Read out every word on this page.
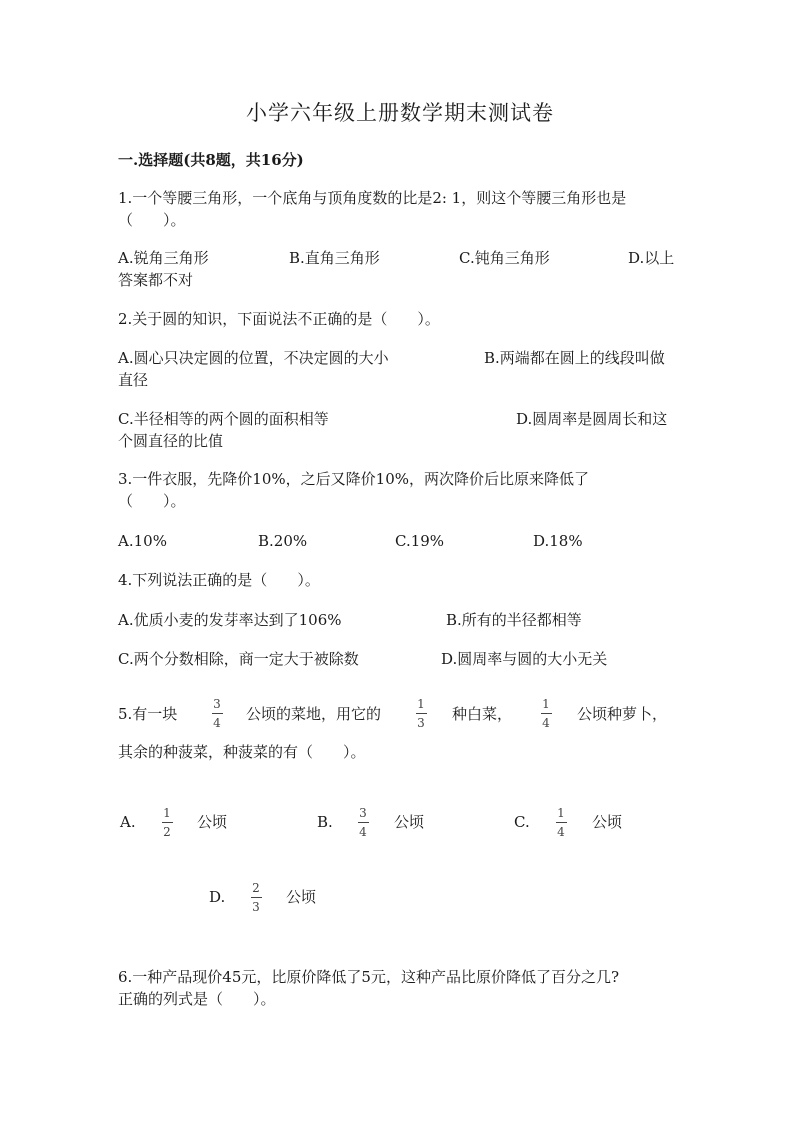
小学六年级上册数学期末测试卷
一.选择题(共8题，共16分)
1.一个等腰三角形，一个底角与顶角度数的比是2: 1，则这个等腰三角形也是
（　　）。
A.锐角三角形	B.直角三角形	C.钝角三角形	D.以上
答案都不对
2.关于圆的知识，下面说法不正确的是（　　）。
A.圆心只决定圆的位置，不决定圆的大小	B.两端都在圆上的线段叫做
直径
C.半径相等的两个圆的面积相等	D.圆周率是圆周长和这
个圆直径的比值
3.一件衣服，先降价10%，之后又降价10%，两次降价后比原来降低了
（　　）。
A.10%	B.20%	C.19%	D.18%
4.下列说法正确的是（　　）。
A.优质小麦的发芽率达到了106%	B.所有的半径都相等
C.两个分数相除，商一定大于被除数	D.圆周率与圆的大小无关
5.有一块
3
4 公顷的菜地，用它的
1
3 种白菜，
1
4 公顷种萝卜，
其余的种菠菜，种菠菜的有（　　）。
A. 1
2
公顷	B. 3
4
公顷	C. 1
4
公顷
D. 2
3
公顷
6.一种产品现价45元，比原价降低了5元，这种产品比原价降低了百分之几?
正确的列式是（　　）。
